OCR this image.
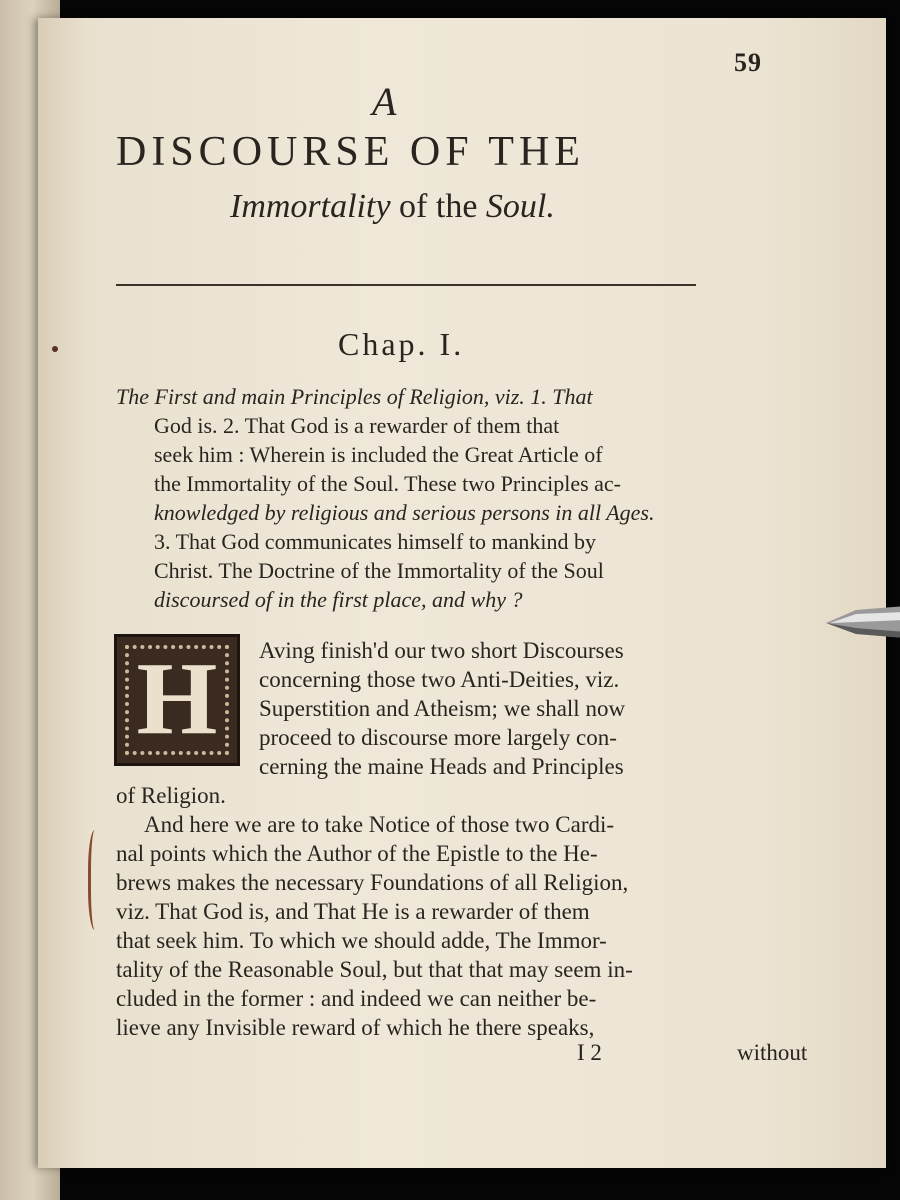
59
A
DISCOURSE OF THE
Immortality of the Soul.
Chap. I.
The First and main Principles of Religion, viz. 1. That
God is. 2. That God is a rewarder of them that
seek him : Wherein is included the Great Article of
the Immortality of the Soul. These two Principles ac-
knowledged by religious and serious persons in all Ages.
3. That God communicates himself to mankind by
Christ. The Doctrine of the Immortality of the Soul
discoursed of in the first place, and why ?
H	Aving finish'd our two short Discourses
concerning those two Anti-Deities, viz.
Superstition and Atheism; we shall now
proceed to discourse more largely con-
cerning the maine Heads and Principles
of Religion.
And here we are to take Notice of those two Cardi-
nal points which the Author of the Epistle to the He-
brews makes the necessary Foundations of all Religion,
viz. That God is, and That He is a rewarder of them
that seek him. To which we should adde, The Immor-
tality of the Reasonable Soul, but that that may seem in-
cluded in the former : and indeed we can neither be-
lieve any Invisible reward of which he there speaks,
I 2	without
